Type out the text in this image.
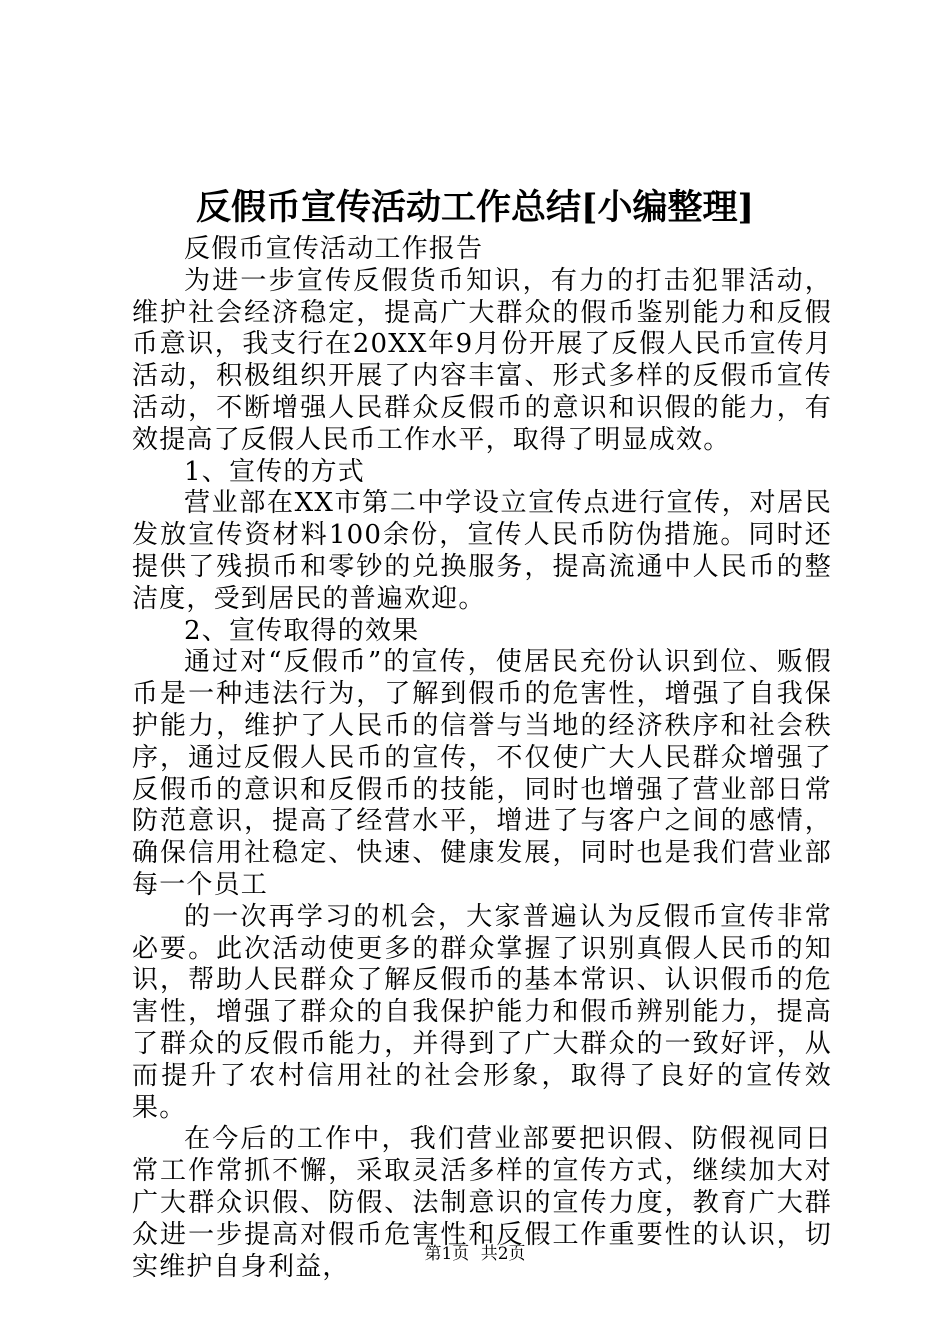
反假币宣传活动工作总结[小编整理]

反假币宣传活动工作报告

为进一步宣传反假货币知识，有力的打击犯罪活动，维护社会经济稳定，提高广大群众的假币鉴别能力和反假币意识，我支行在20XX年9月份开展了反假人民币宣传月活动，积极组织开展了内容丰富、形式多样的反假币宣传活动，不断增强人民群众反假币的意识和识假的能力，有效提高了反假人民币工作水平，取得了明显成效。

1、宣传的方式

营业部在XX市第二中学设立宣传点进行宣传，对居民发放宣传资材料100余份，宣传人民币防伪措施。同时还提供了残损币和零钞的兑换服务，提高流通中人民币的整洁度，受到居民的普遍欢迎。

2、宣传取得的效果

通过对“反假币”的宣传，使居民充份认识到位、贩假币是一种违法行为，了解到假币的危害性，增强了自我保护能力，维护了人民币的信誉与当地的经济秩序和社会秩序，通过反假人民币的宣传，不仅使广大人民群众增强了反假币的意识和反假币的技能，同时也增强了营业部日常防范意识，提高了经营水平，增进了与客户之间的感情，确保信用社稳定、快速、健康发展，同时也是我们营业部每一个员工

的一次再学习的机会，大家普遍认为反假币宣传非常必要。此次活动使更多的群众掌握了识别真假人民币的知识，帮助人民群众了解反假币的基本常识、认识假币的危害性，增强了群众的自我保护能力和假币辨别能力，提高了群众的反假币能力，并得到了广大群众的一致好评，从而提升了农村信用社的社会形象，取得了良好的宣传效果。

在今后的工作中，我们营业部要把识假、防假视同日常工作常抓不懈，采取灵活多样的宣传方式，继续加大对广大群众识假、防假、法制意识的宣传力度，教育广大群众进一步提高对假币危害性和反假工作重要性的认识，切实维护自身利益，	第1页 共2页
